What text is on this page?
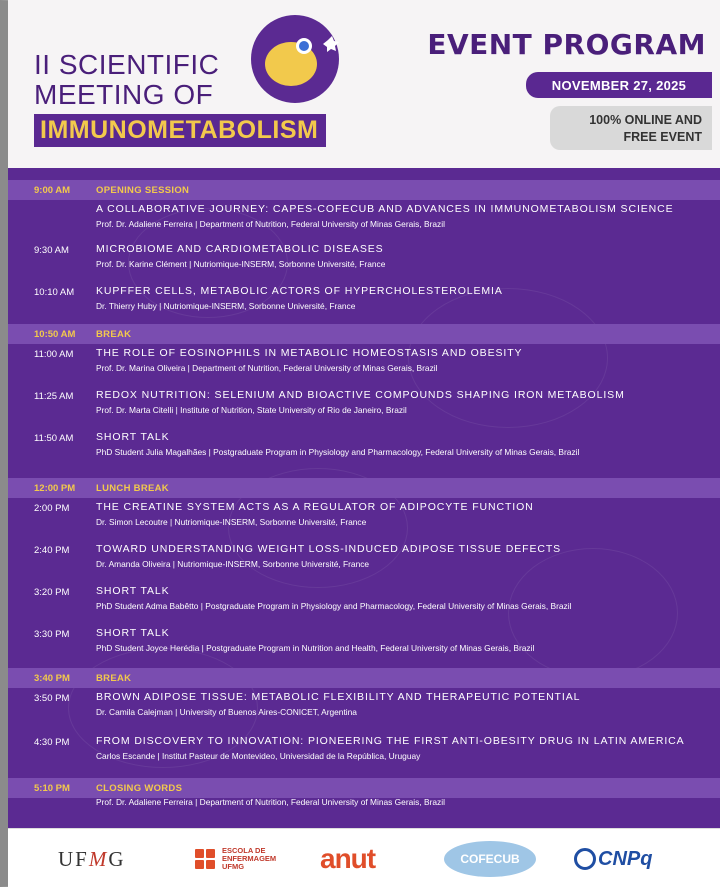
II SCIENTIFIC
MEETING OF
IMMUNOMETABOLISM
EVENT PROGRAM
NOVEMBER 27, 2025
100% ONLINE AND
FREE EVENT
9:00 AM	OPENING SESSION
A COLLABORATIVE JOURNEY: CAPES-COFECUB AND ADVANCES IN IMMUNOMETABOLISM SCIENCE
Prof. Dr. Adaliene Ferreira | Department of Nutrition, Federal University of Minas Gerais, Brazil
9:30 AM	MICROBIOME AND CARDIOMETABOLIC DISEASES
Prof. Dr. Karine Clément | Nutriomique-INSERM, Sorbonne Université, France
10:10 AM KUPFFER CELLS, METABOLIC ACTORS OF HYPERCHOLESTEROLEMIA
Dr. Thierry Huby | Nutriomique-INSERM, Sorbonne Université, France
10:50 AM BREAK
11:00 AM THE ROLE OF EOSINOPHILS IN METABOLIC HOMEOSTASIS AND OBESITY
Prof. Dr. Marina Oliveira | Department of Nutrition, Federal University of Minas Gerais, Brazil
11:25 AM REDOX NUTRITION: SELENIUM AND BIOACTIVE COMPOUNDS SHAPING IRON METABOLISM
Prof. Dr. Marta Citelli | Institute of Nutrition, State University of Rio de Janeiro, Brazil
11:50 AM SHORT TALK
PhD Student Julia Magalhães | Postgraduate Program in Physiology and Pharmacology, Federal University of Minas Gerais, Brazil
12:00 PM LUNCH BREAK
2:00 PM	THE CREATINE SYSTEM ACTS AS A REGULATOR OF ADIPOCYTE FUNCTION
Dr. Simon Lecoutre | Nutriomique-INSERM, Sorbonne Université, France
2:40 PM	TOWARD UNDERSTANDING WEIGHT LOSS-INDUCED ADIPOSE TISSUE DEFECTS
Dr. Amanda Oliveira | Nutriomique-INSERM, Sorbonne Université, France
3:20 PM	SHORT TALK
PhD Student Adma Babêtto | Postgraduate Program in Physiology and Pharmacology, Federal University of Minas Gerais, Brazil
3:30 PM	SHORT TALK
PhD Student Joyce Herédia | Postgraduate Program in Nutrition and Health, Federal University of Minas Gerais, Brazil
3:40 PM	BREAK
3:50 PM	BROWN ADIPOSE TISSUE: METABOLIC FLEXIBILITY AND THERAPEUTIC POTENTIAL
Dr. Camila Calejman | University of Buenos Aires-CONICET, Argentina
4:30 PM	FROM DISCOVERY TO INNOVATION: PIONEERING THE FIRST ANTI-OBESITY DRUG IN LATIN AMERICA
Carlos Escande | Institut Pasteur de Montevideo, Universidad de la República, Uruguay
5:10 PM	CLOSING WORDS
Prof. Dr. Adaliene Ferreira | Department of Nutrition, Federal University of Minas Gerais, Brazil
UF M G	ESCOLA DE
ENFERMAGEM
UFMG	anut	COFECUB	CNPq
